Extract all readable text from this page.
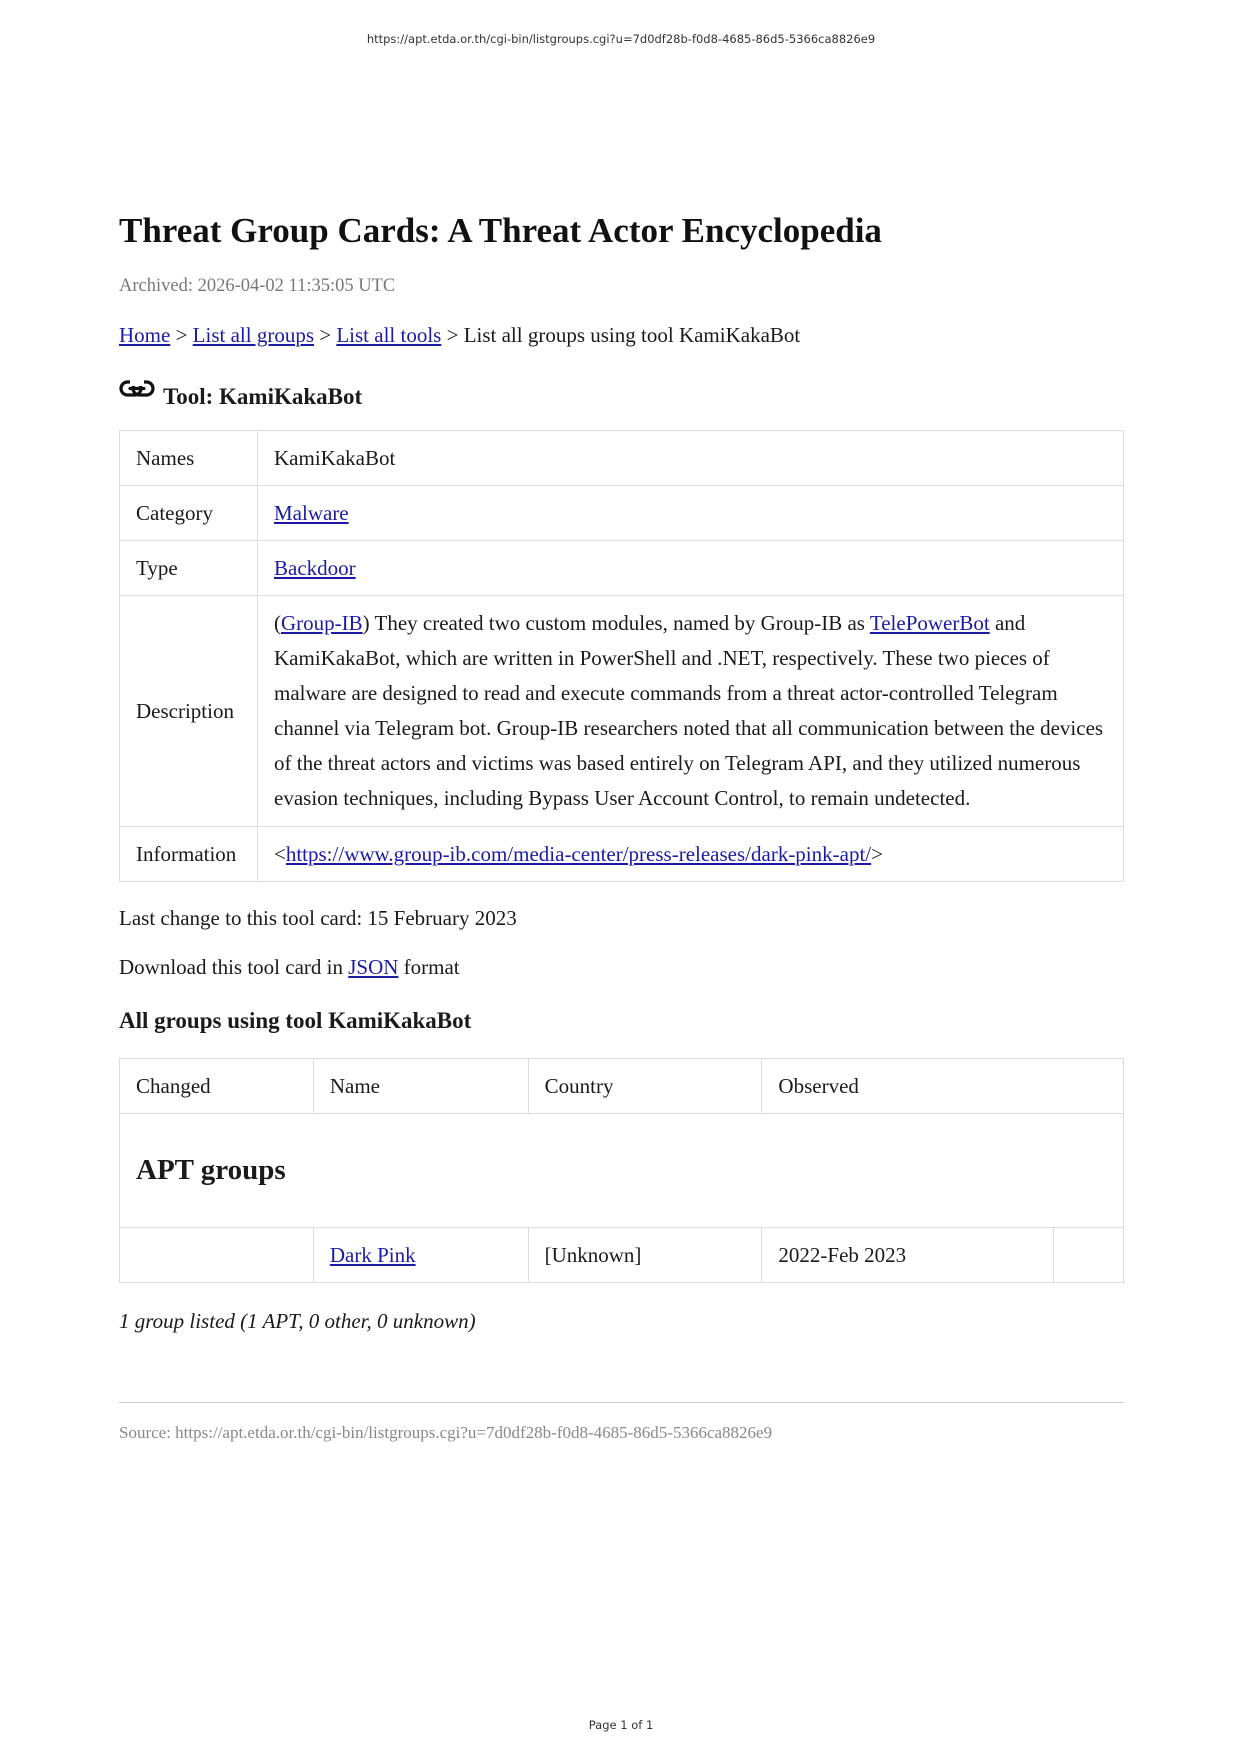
https://apt.etda.or.th/cgi-bin/listgroups.cgi?u=7d0df28b-f0d8-4685-86d5-5366ca8826e9
Threat Group Cards: A Threat Actor Encyclopedia
Archived: 2026-04-02 11:35:05 UTC
Home > List all groups > List all tools > List all groups using tool KamiKakaBot
Tool: KamiKakaBot
Names	KamiKakaBot
Category	Malware
Type	Backdoor
Description	(Group-IB) They created two custom modules, named by Group-IB as TelePowerBot and KamiKakaBot, which are written in PowerShell and .NET, respectively. These two pieces of malware are designed to read and execute commands from a threat actor-controlled Telegram channel via Telegram bot. Group-IB researchers noted that all communication between the devices of the threat actors and victims was based entirely on Telegram API, and they utilized numerous evasion techniques, including Bypass User Account Control, to remain undetected.
Information	<https://www.group-ib.com/media-center/press-releases/dark-pink-apt/>
Last change to this tool card: 15 February 2023
Download this tool card in JSON format
All groups using tool KamiKakaBot
Changed	Name	Country	Observed	
APT groups				
	Dark Pink	[Unknown]	2022-Feb 2023	
1 group listed (1 APT, 0 other, 0 unknown)
Source: https://apt.etda.or.th/cgi-bin/listgroups.cgi?u=7d0df28b-f0d8-4685-86d5-5366ca8826e9
Page 1 of 1
